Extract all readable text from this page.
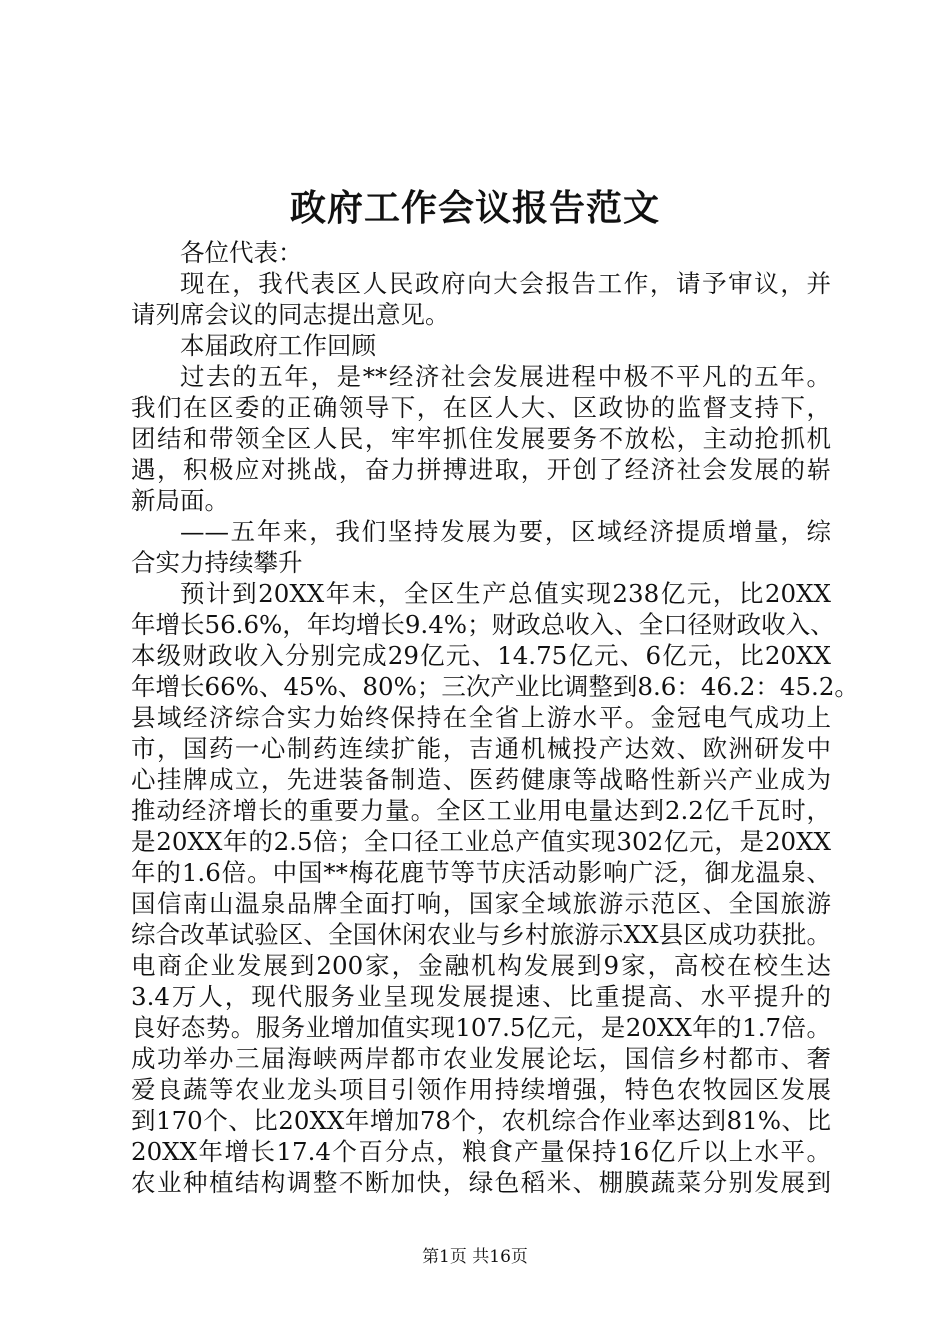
政府工作会议报告范文
各位代表：
现在，我代表区人民政府向大会报告工作，请予审议，并
请列席会议的同志提出意见。
本届政府工作回顾
过去的五年，是**经济社会发展进程中极不平凡的五年。
我们在区委的正确领导下，在区人大、区政协的监督支持下，
团结和带领全区人民，牢牢抓住发展要务不放松，主动抢抓机
遇，积极应对挑战，奋力拼搏进取，开创了经济社会发展的崭
新局面。
——五年来，我们坚持发展为要，区域经济提质增量，综
合实力持续攀升
预计到20XX年末，全区生产总值实现238亿元，比20XX
年增长56.6%，年均增长9.4%；财政总收入、全口径财政收入、
本级财政收入分别完成29亿元、14.75亿元、6亿元，比20XX
年增长66%、45%、80%；三次产业比调整到8.6：46.2：45.2。
县域经济综合实力始终保持在全省上游水平。金冠电气成功上
市，国药一心制药连续扩能，吉通机械投产达效、欧洲研发中
心挂牌成立，先进装备制造、医药健康等战略性新兴产业成为
推动经济增长的重要力量。全区工业用电量达到2.2亿千瓦时，
是20XX年的2.5倍；全口径工业总产值实现302亿元，是20XX
年的1.6倍。中国**梅花鹿节等节庆活动影响广泛，御龙温泉、
国信南山温泉品牌全面打响，国家全域旅游示范区、全国旅游
综合改革试验区、全国休闲农业与乡村旅游示XX县区成功获批。
电商企业发展到200家，金融机构发展到9家，高校在校生达
3.4万人，现代服务业呈现发展提速、比重提高、水平提升的
良好态势。服务业增加值实现107.5亿元，是20XX年的1.7倍。
成功举办三届海峡两岸都市农业发展论坛，国信乡村都市、奢
爱良蔬等农业龙头项目引领作用持续增强，特色农牧园区发展
到170个、比20XX年增加78个，农机综合作业率达到81%、比
20XX年增长17.4个百分点，粮食产量保持16亿斤以上水平。
农业种植结构调整不断加快，绿色稻米、棚膜蔬菜分别发展到
第1页 共16页
